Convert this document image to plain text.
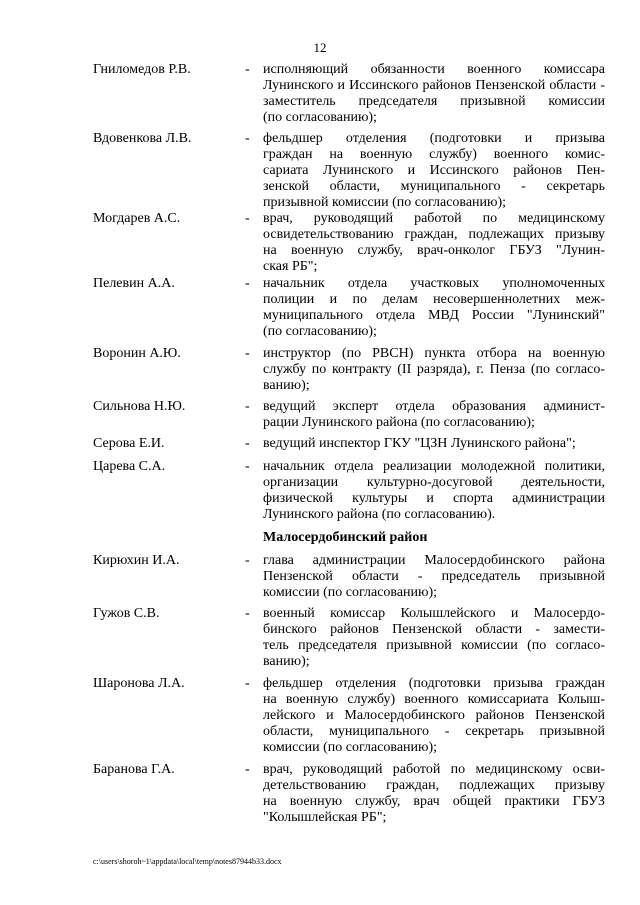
12
Гниломедов Р.В.	- исполняющий обязанности военного комиссара
Лунинского и Иссинского районов Пензенской области -
заместитель председателя призывной комиссии
(по согласованию);
Вдовенкова Л.В.	- фельдшер отделения (подготовки и призыва
граждан на военную службу) военного комис-
сариата Лунинского и Иссинского районов Пен-
зенской области, муниципального - секретарь
призывной комиссии (по согласованию);
Могдарев А.С.	- врач, руководящий работой по медицинскому
освидетельствованию граждан, подлежащих призыву
на военную службу, врач-онколог ГБУЗ "Лунин-
ская РБ";
Пелевин А.А.	- начальник отдела участковых уполномоченных
полиции и по делам несовершеннолетних меж-
муниципального отдела МВД России "Лунинский"
(по согласованию);
Воронин А.Ю.	- инструктор (по РВСН) пункта отбора на военную
службу по контракту (II разряда), г. Пенза (по согласо-
ванию);
Сильнова Н.Ю.	- ведущий эксперт отдела образования админист-
рации Лунинского района (по согласованию);
Серова Е.И.	- ведущий инспектор ГКУ "ЦЗН Лунинского района";
Царева С.А.	- начальник отдела реализации молодежной политики,
организации культурно-досуговой деятельности,
физической культуры и спорта администрации
Лунинского района (по согласованию).
Малосердобинский район
Кирюхин И.А.	- глава администрации Малосердобинского района
Пензенской области - председатель призывной
комиссии (по согласованию);
Гужов С.В.	- военный комиссар Колышлейского и Малосердо-
бинского районов Пензенской области - замести-
тель председателя призывной комиссии (по согласо-
ванию);
Шаронова Л.А.	- фельдшер отделения (подготовки призыва граждан
на военную службу) военного комиссариата Колыш-
лейского и Малосердобинского районов Пензенской
области, муниципального - секретарь призывной
комиссии (по согласованию);
Баранова Г.А.	- врач, руководящий работой по медицинскому осви-
детельствованию граждан, подлежащих призыву
на военную службу, врач общей практики ГБУЗ
"Колышлейская РБ";
c:\users\shoroh~1\appdata\local\temp\notes87944b33.docx
